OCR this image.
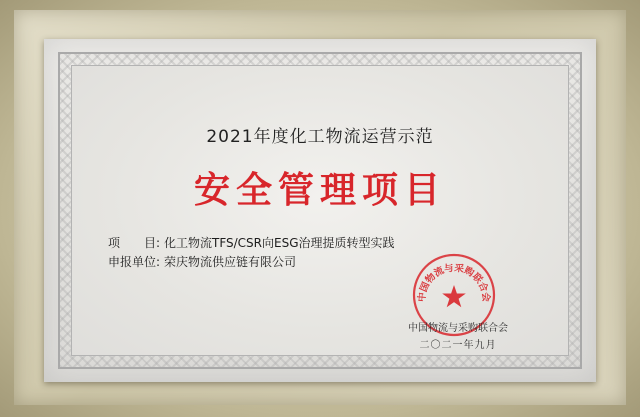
2021年度化工物流运营示范
安全管理项目
项　　目: 化工物流TFS/CSR向ESG治理提质转型实践
申报单位: 荣庆物流供应链有限公司
中国物流与采购联合会
中国物流与采购联合会
二〇二一年九月
